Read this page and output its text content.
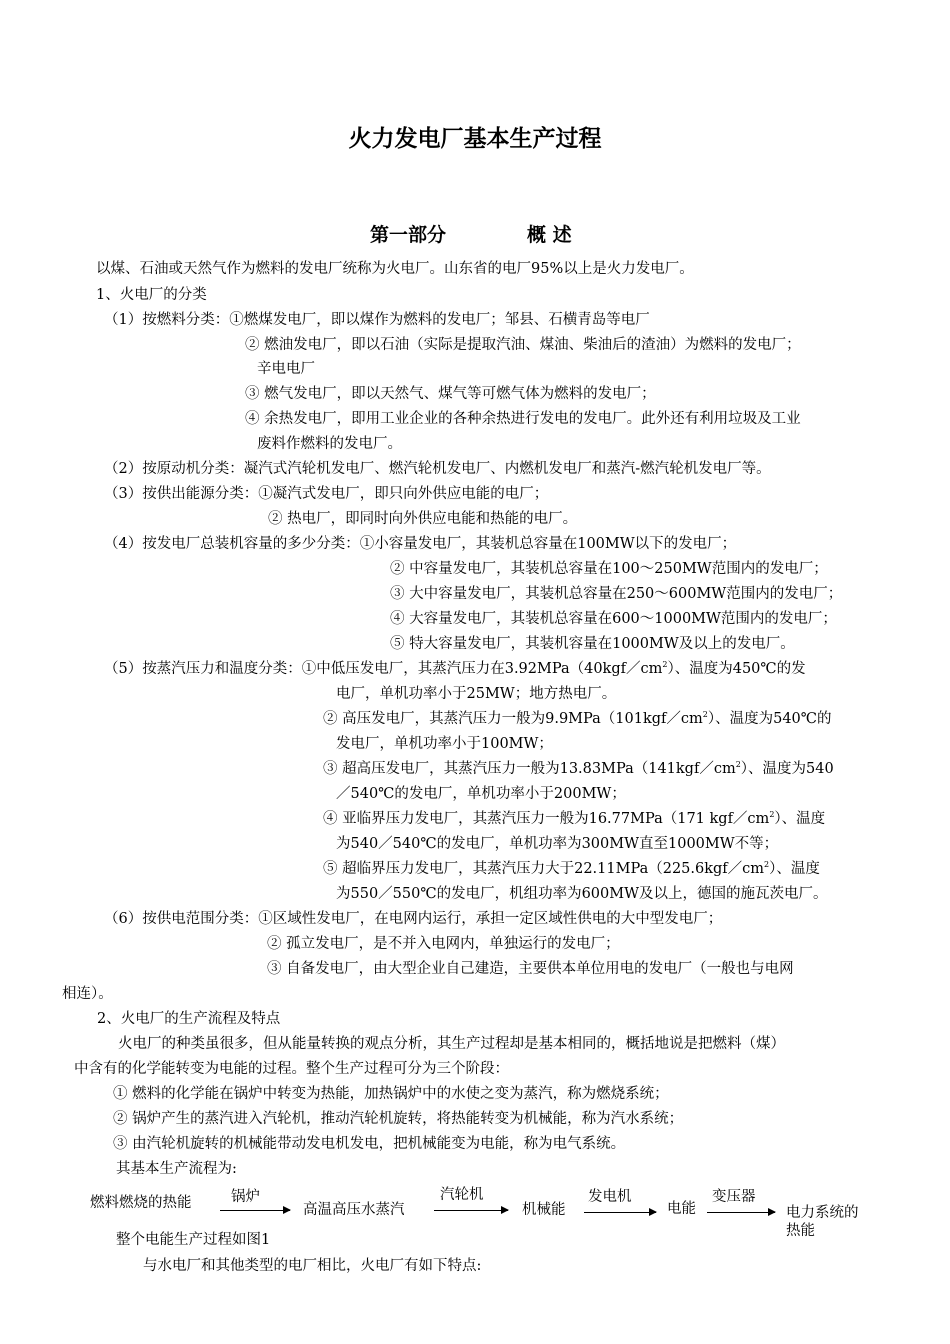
火力发电厂基本生产过程
第一部分	概 述
以煤、石油或天然气作为燃料的发电厂统称为火电厂。山东省的电厂95%以上是火力发电厂。
1、火电厂的分类
（1）按燃料分类：①燃煤发电厂，即以煤作为燃料的发电厂；邹县、石横青岛等电厂
② 燃油发电厂，即以石油（实际是提取汽油、煤油、柴油后的渣油）为燃料的发电厂；
辛电电厂
③ 燃气发电厂，即以天然气、煤气等可燃气体为燃料的发电厂；
④ 余热发电厂，即用工业企业的各种余热进行发电的发电厂。此外还有利用垃圾及工业
废料作燃料的发电厂。
（2）按原动机分类：凝汽式汽轮机发电厂、燃汽轮机发电厂、内燃机发电厂和蒸汽-燃汽轮机发电厂等。
（3）按供出能源分类：①凝汽式发电厂，即只向外供应电能的电厂；
② 热电厂，即同时向外供应电能和热能的电厂。
（4）按发电厂总装机容量的多少分类：①小容量发电厂，其装机总容量在100MW以下的发电厂；
② 中容量发电厂，其装机总容量在100～250MW范围内的发电厂；
③ 大中容量发电厂，其装机总容量在250～600MW范围内的发电厂；
④ 大容量发电厂，其装机总容量在600～1000MW范围内的发电厂；
⑤ 特大容量发电厂，其装机容量在1000MW及以上的发电厂。
（5）按蒸汽压力和温度分类：①中低压发电厂，其蒸汽压力在$3.92MPa(40kgf/cm^2)$、温度为450℃的发
电厂，单机功率小于25MW；地方热电厂。
② 高压发电厂，其蒸汽压力一般为$9.9MPa(101kgf/cm^2)$、温度为540℃的
发电厂，单机功率小于100MW；
③ 超高压发电厂，其蒸汽压力一般为$13.83MPa(141kgf/cm^2)$、温度为540
／540℃的发电厂，单机功率小于200MW；
④ 亚临界压力发电厂，其蒸汽压力一般为16.77MPa（171 $kgf/cm^2$）、温度
为540／540℃的发电厂，单机功率为300MW直至1000MW不等；
⑤ 超临界压力发电厂，其蒸汽压力大于$22.11MPa(225.6kgf/cm^2)$、温度
为550／550℃的发电厂，机组功率为600MW及以上，德国的施瓦茨电厂。
（6）按供电范围分类：①区域性发电厂，在电网内运行，承担一定区域性供电的大中型发电厂；
② 孤立发电厂，是不并入电网内，单独运行的发电厂；
③ 自备发电厂，由大型企业自己建造，主要供本单位用电的发电厂（一般也与电网
相连）。
2、火电厂的生产流程及特点
火电厂的种类虽很多，但从能量转换的观点分析，其生产过程却是基本相同的，概括地说是把燃料（煤）
中含有的化学能转变为电能的过程。整个生产过程可分为三个阶段：
① 燃料的化学能在锅炉中转变为热能，加热锅炉中的水使之变为蒸汽，称为燃烧系统；
② 锅炉产生的蒸汽进入汽轮机，推动汽轮机旋转，将热能转变为机械能，称为汽水系统；
③ 由汽轮机旋转的机械能带动发电机发电，把机械能变为电能，称为电气系统。
其基本生产流程为:
燃料燃烧的热能	锅炉
高温高压水蒸汽
汽轮机
机械能
发电机
电能
变压器
电力系统的
热能
整个电能生产过程如图1
与水电厂和其他类型的电厂相比，火电厂有如下特点:
